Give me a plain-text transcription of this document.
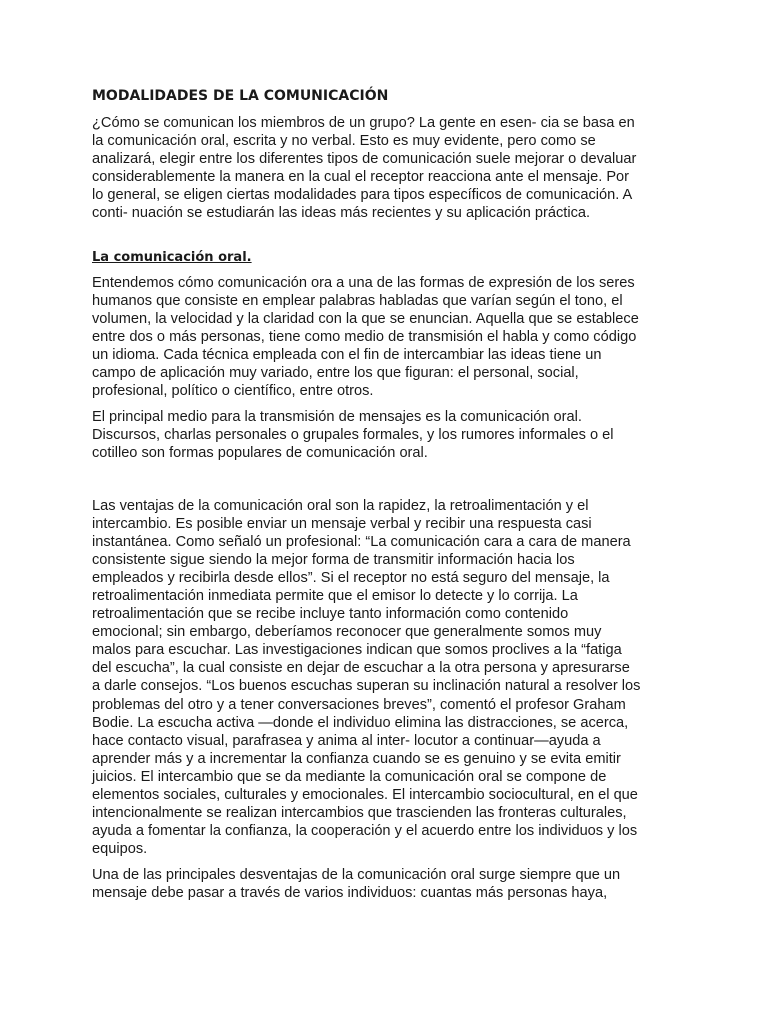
MODALIDADES DE LA COMUNICACIÓN
¿Cómo se comunican los miembros de un grupo? La gente en esen- cia se basa en
la comunicación oral, escrita y no verbal. Esto es muy evidente, pero como se
analizará, elegir entre los diferentes tipos de comunicación suele mejorar o devaluar
considerablemente la manera en la cual el receptor reacciona ante el mensaje. Por
lo general, se eligen ciertas modalidades para tipos específicos de comunicación. A
conti- nuación se estudiarán las ideas más recientes y su aplicación práctica.
La comunicación oral.
Entendemos cómo comunicación ora a una de las formas de expresión de los seres
humanos que consiste en emplear palabras habladas que varían según el tono, el
volumen, la velocidad y la claridad con la que se enuncian. Aquella que se establece
entre dos o más personas, tiene como medio de transmisión el habla y como código
un idioma. Cada técnica empleada con el fin de intercambiar las ideas tiene un
campo de aplicación muy variado, entre los que figuran: el personal, social,
profesional, político o científico, entre otros.
El principal medio para la transmisión de mensajes es la comunicación oral.
Discursos, charlas personales o grupales formales, y los rumores informales o el
cotilleo son formas populares de comunicación oral.
Las ventajas de la comunicación oral son la rapidez, la retroalimentación y el
intercambio. Es posible enviar un mensaje verbal y recibir una respuesta casi
instantánea. Como señaló un profesional: “La comunicación cara a cara de manera
consistente sigue siendo la mejor forma de transmitir información hacia los
empleados y recibirla desde ellos”. Si el receptor no está seguro del mensaje, la
retroalimentación inmediata permite que el emisor lo detecte y lo corrija. La
retroalimentación que se recibe incluye tanto información como contenido
emocional; sin embargo, deberíamos reconocer que generalmente somos muy
malos para escuchar. Las investigaciones indican que somos proclives a la “fatiga
del escucha”, la cual consiste en dejar de escuchar a la otra persona y apresurarse
a darle consejos. “Los buenos escuchas superan su inclinación natural a resolver los
problemas del otro y a tener conversaciones breves”, comentó el profesor Graham
Bodie. La escucha activa —donde el individuo elimina las distracciones, se acerca,
hace contacto visual, parafrasea y anima al inter- locutor a continuar—ayuda a
aprender más y a incrementar la confianza cuando se es genuino y se evita emitir
juicios. El intercambio que se da mediante la comunicación oral se compone de
elementos sociales, culturales y emocionales. El intercambio sociocultural, en el que
intencionalmente se realizan intercambios que trascienden las fronteras culturales,
ayuda a fomentar la confianza, la cooperación y el acuerdo entre los individuos y los
equipos.
Una de las principales desventajas de la comunicación oral surge siempre que un
mensaje debe pasar a través de varios individuos: cuantas más personas haya,
